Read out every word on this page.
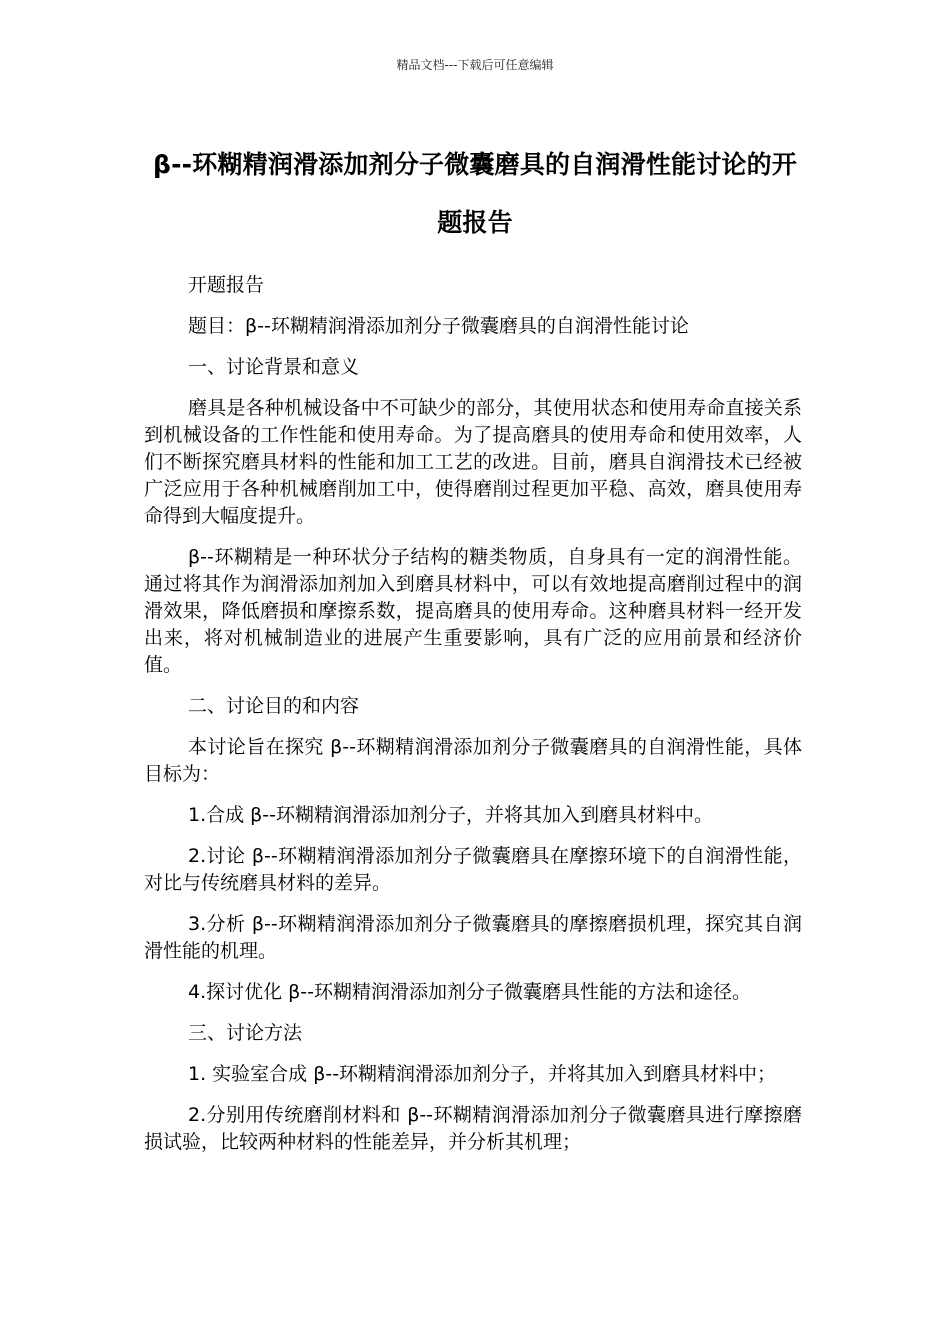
精品文档---下载后可任意编辑
β--环糊精润滑添加剂分子微囊磨具的自润滑性能讨论的开题报告

开题报告

题目：β--环糊精润滑添加剂分子微囊磨具的自润滑性能讨论

一、讨论背景和意义

磨具是各种机械设备中不可缺少的部分，其使用状态和使用寿命直接关系到机械设备的工作性能和使用寿命。为了提高磨具的使用寿命和使用效率，人们不断探究磨具材料的性能和加工工艺的改进。目前，磨具自润滑技术已经被广泛应用于各种机械磨削加工中，使得磨削过程更加平稳、高效，磨具使用寿命得到大幅度提升。

β--环糊精是一种环状分子结构的糖类物质，自身具有一定的润滑性能。通过将其作为润滑添加剂加入到磨具材料中，可以有效地提高磨削过程中的润滑效果，降低磨损和摩擦系数，提高磨具的使用寿命。这种磨具材料一经开发出来，将对机械制造业的进展产生重要影响，具有广泛的应用前景和经济价值。

二、讨论目的和内容

本讨论旨在探究 β--环糊精润滑添加剂分子微囊磨具的自润滑性能，具体目标为：

1.合成 β--环糊精润滑添加剂分子，并将其加入到磨具材料中。

2.讨论 β--环糊精润滑添加剂分子微囊磨具在摩擦环境下的自润滑性能，对比与传统磨具材料的差异。

3.分析 β--环糊精润滑添加剂分子微囊磨具的摩擦磨损机理，探究其自润滑性能的机理。

4.探讨优化 β--环糊精润滑添加剂分子微囊磨具性能的方法和途径。

三、讨论方法

1. 实验室合成 β--环糊精润滑添加剂分子，并将其加入到磨具材料中；

2.分别用传统磨削材料和 β--环糊精润滑添加剂分子微囊磨具进行摩擦磨损试验，比较两种材料的性能差异，并分析其机理；
